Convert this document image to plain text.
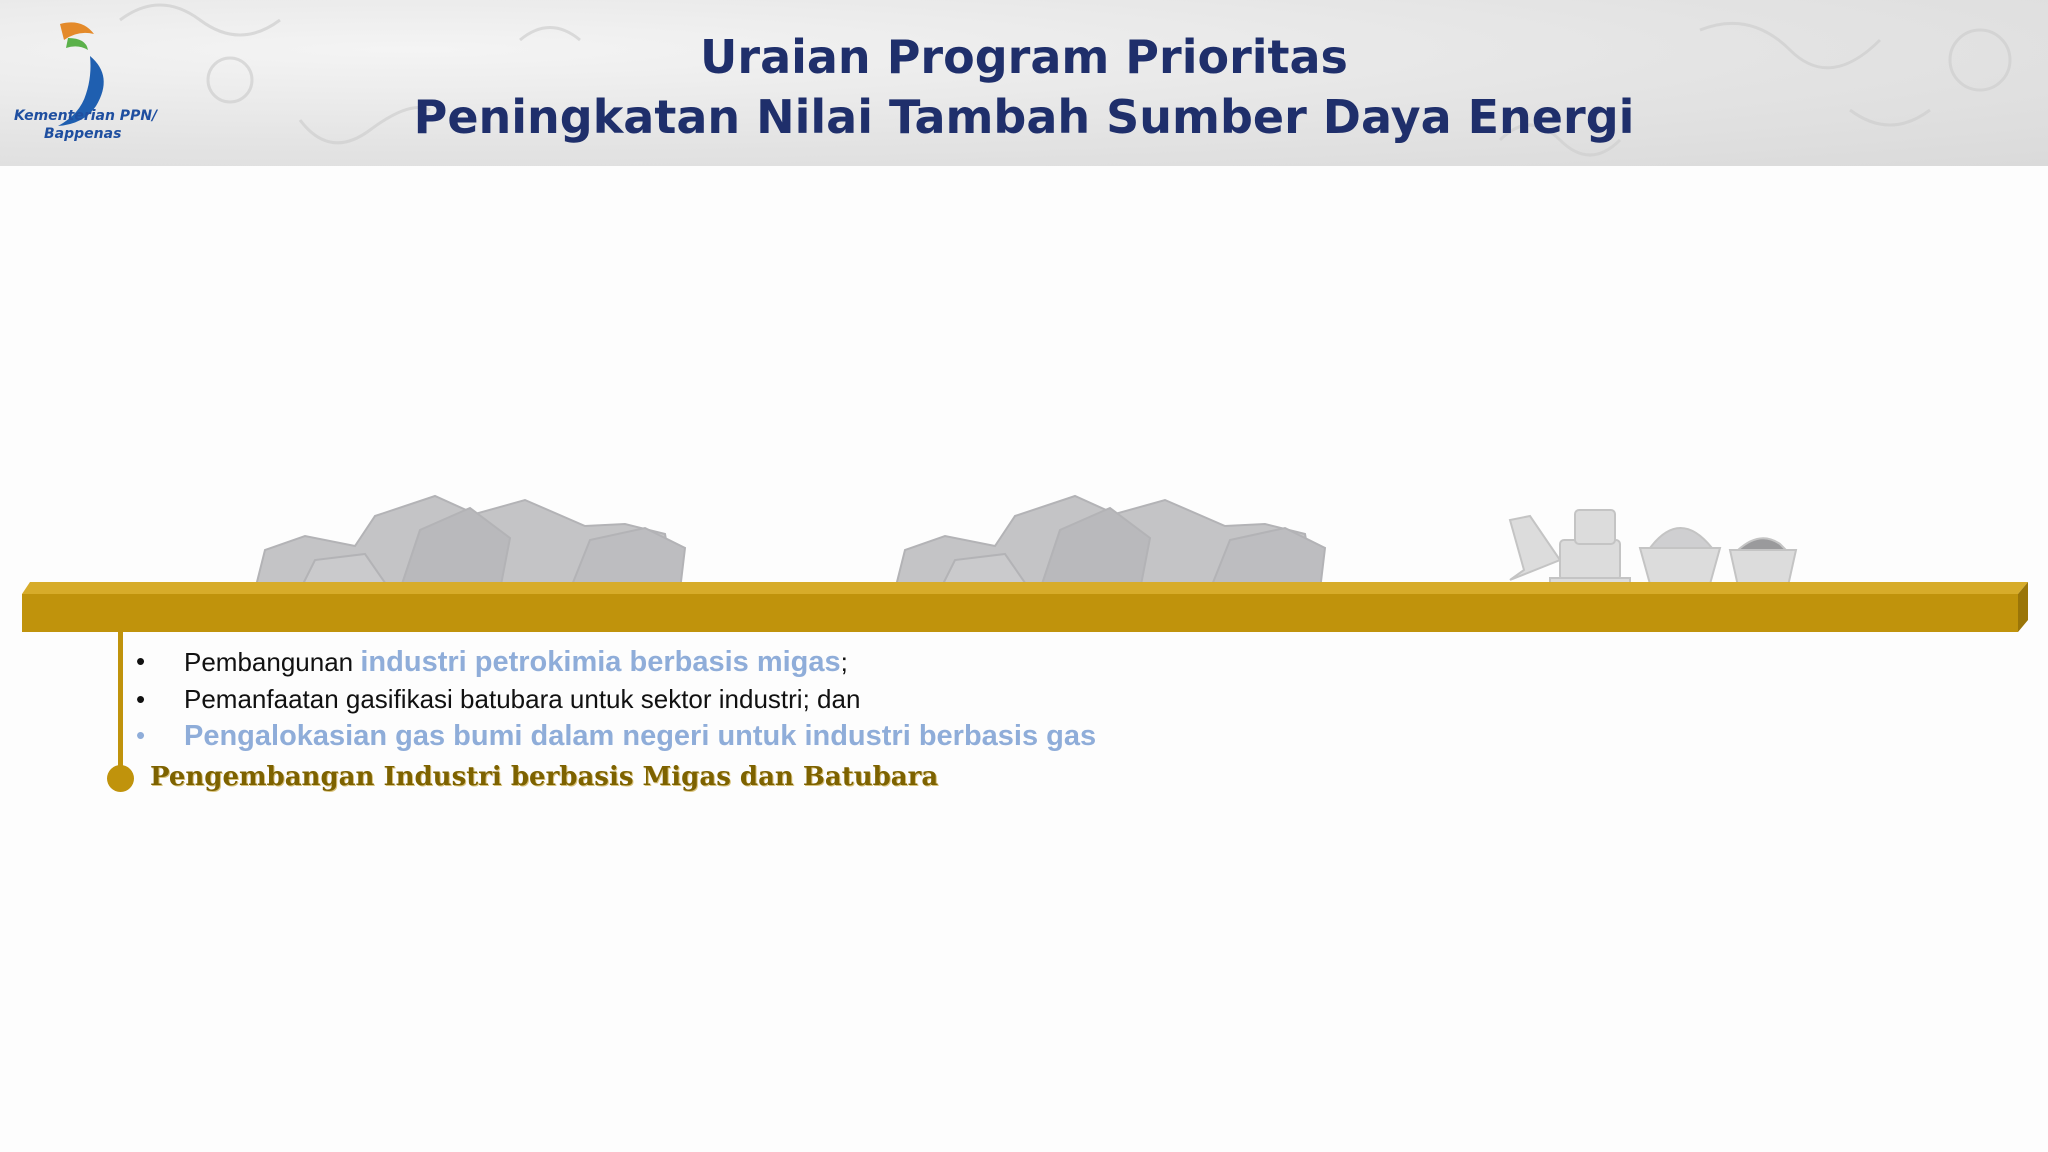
Kementerian PPN/
Bappenas
Uraian Program Prioritas
Peningkatan Nilai Tambah Sumber Daya Energi
• Pembangunan industri petrokimia berbasis migas;
• Pemanfaatan gasifikasi batubara untuk sektor industri; dan
• Pengalokasian gas bumi dalam negeri untuk industri berbasis gas
Pengembangan Industri berbasis Migas dan Batubara
